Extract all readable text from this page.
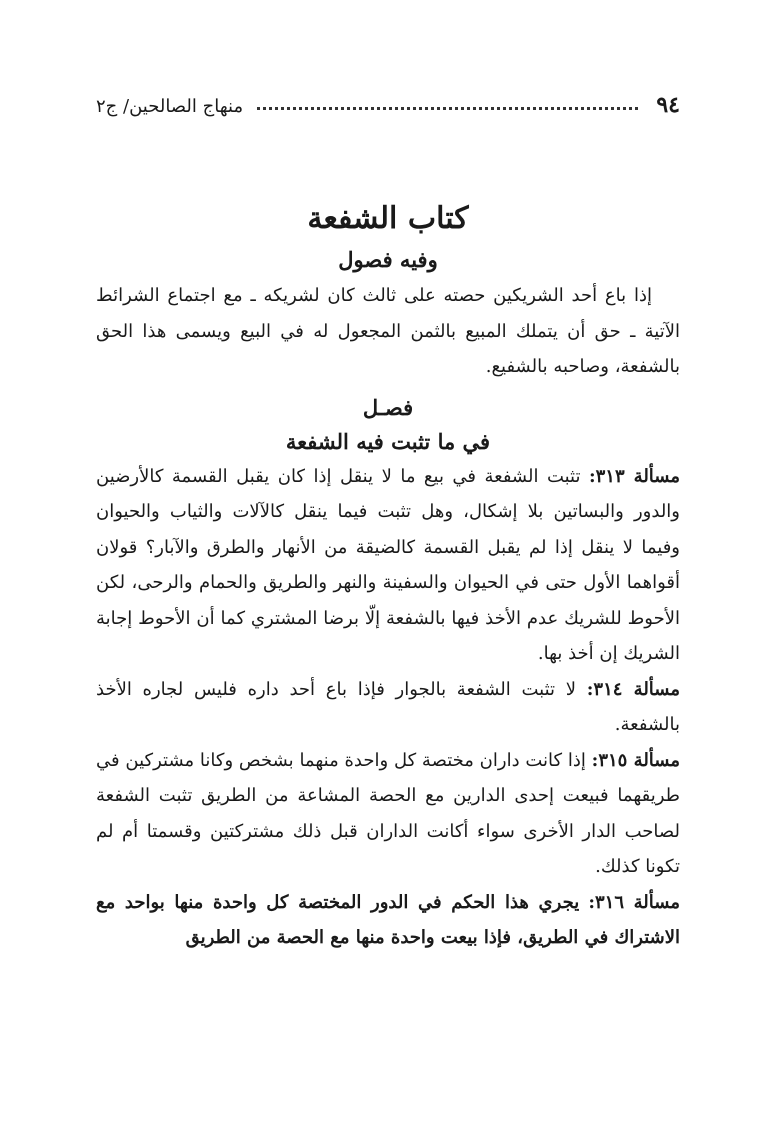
٩٤
منهاج الصالحين/ ج٢
كتاب الشفعة
وفيه فصول

إذا باع أحد الشريكين حصته على ثالث كان لشريكه ـ مع اجتماع الشرائط الآتية ـ حق أن يتملك المبيع بالثمن المجعول له في البيع ويسمى هذا الحق بالشفعة، وصاحبه بالشفيع.

فصـل
في ما تثبت فيه الشفعة

مسألة ٣١٣: تثبت الشفعة في بيع ما لا ينقل إذا كان يقبل القسمة كالأرضين والدور والبساتين بلا إشكال، وهل تثبت فيما ينقل كالآلات والثياب والحيوان وفيما لا ينقل إذا لم يقبل القسمة كالضيقة من الأنهار والطرق والآبار؟ قولان أقواهما الأول حتى في الحيوان والسفينة والنهر والطريق والحمام والرحى، لكن الأحوط للشريك عدم الأخذ فيها بالشفعة إلّا برضا المشتري كما أن الأحوط إجابة الشريك إن أخذ بها.

مسألة ٣١٤: لا تثبت الشفعة بالجوار فإذا باع أحد داره فليس لجاره الأخذ بالشفعة.

مسألة ٣١٥: إذا كانت داران مختصة كل واحدة منهما بشخص وكانا مشتركين في طريقهما فبيعت إحدى الدارين مع الحصة المشاعة من الطريق تثبت الشفعة لصاحب الدار الأخرى سواء أكانت الداران قبل ذلك مشتركتين وقسمتا أم لم تكونا كذلك.

مسألة ٣١٦: يجري هذا الحكم في الدور المختصة كل واحدة منها بواحد مع الاشتراك في الطريق، فإذا بيعت واحدة منها مع الحصة من الطريق
